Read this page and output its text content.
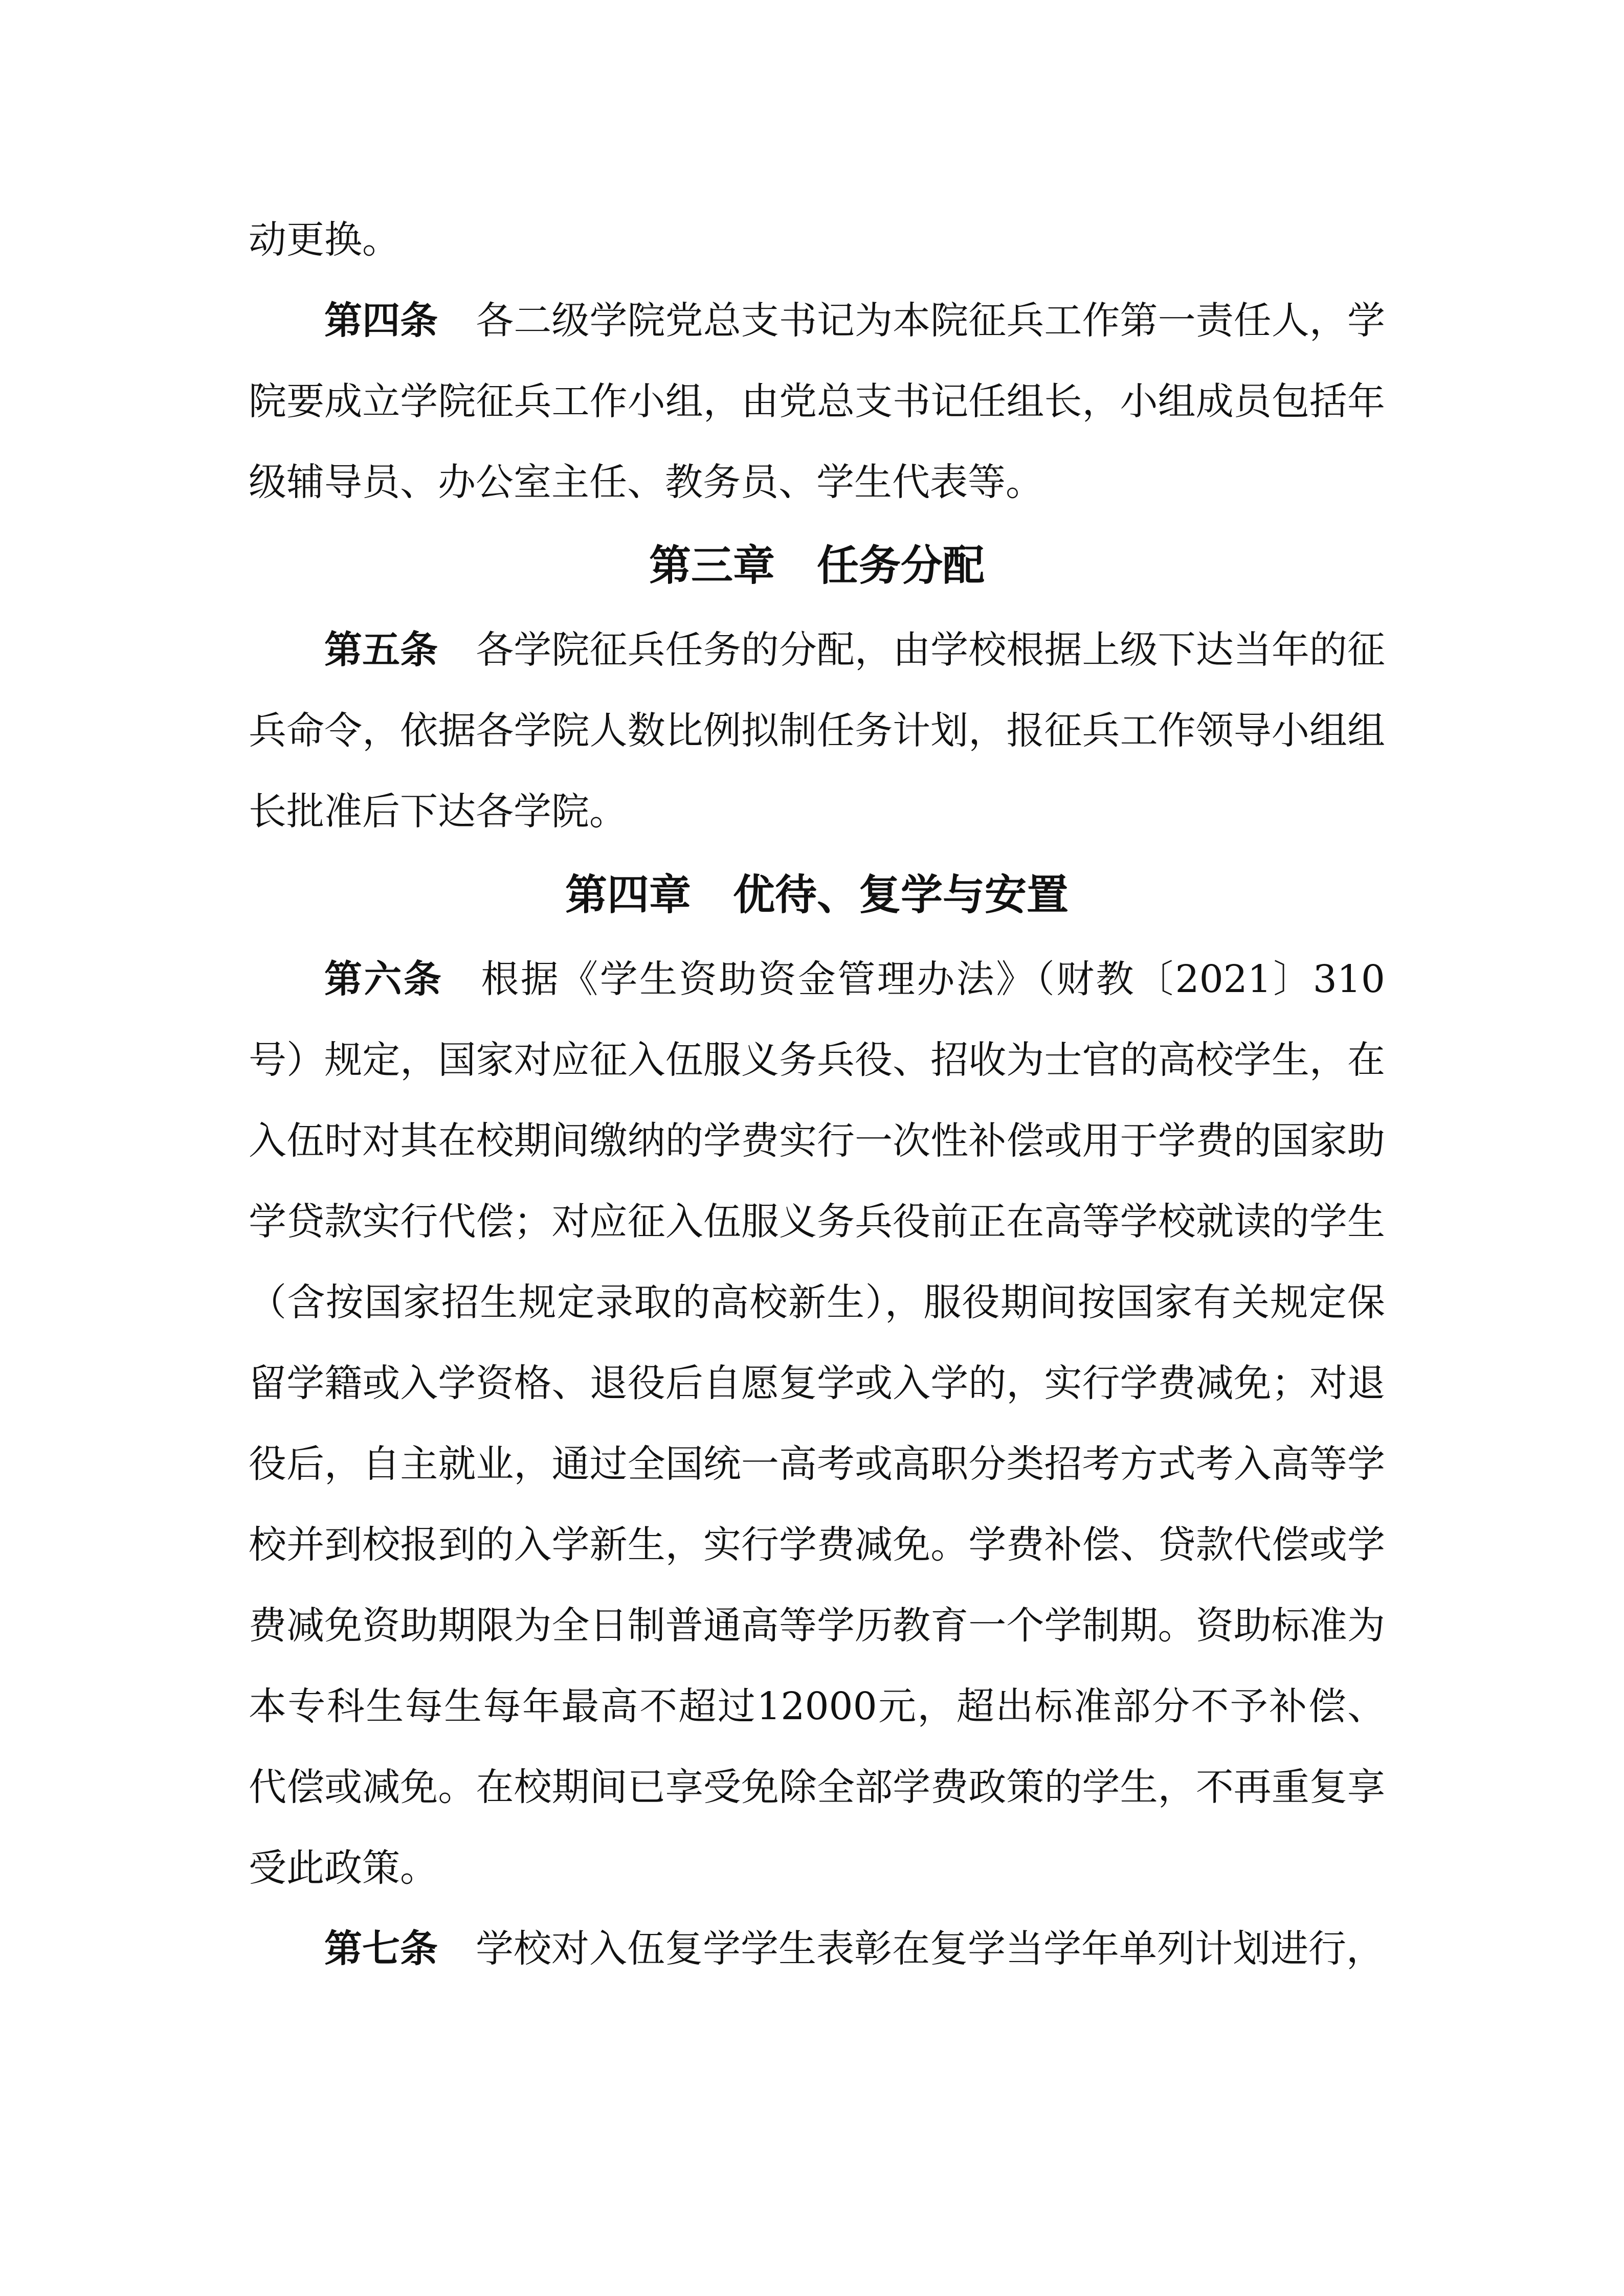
动更换。

第四条 各二级学院党总支书记为本院征兵工作第一责任人，学院要成立学院征兵工作小组，由党总支书记任组长，小组成员包括年级辅导员、办公室主任、教务员、学生代表等。

第三章 任务分配

第五条 各学院征兵任务的分配，由学校根据上级下达当年的征兵命令，依据各学院人数比例拟制任务计划，报征兵工作领导小组组长批准后下达各学院。

第四章 优待、复学与安置

第六条 根据《学生资助资金管理办法》（财教〔2021〕310号）规定，国家对应征入伍服义务兵役、招收为士官的高校学生，在入伍时对其在校期间缴纳的学费实行一次性补偿或用于学费的国家助学贷款实行代偿；对应征入伍服义务兵役前正在高等学校就读的学生（含按国家招生规定录取的高校新生），服役期间按国家有关规定保留学籍或入学资格、退役后自愿复学或入学的，实行学费减免；对退役后，自主就业，通过全国统一高考或高职分类招考方式考入高等学校并到校报到的入学新生，实行学费减免。学费补偿、贷款代偿或学费减免资助期限为全日制普通高等学历教育一个学制期。资助标准为本专科生每生每年最高不超过12000元，超出标准部分不予补偿、代偿或减免。在校期间已享受免除全部学费政策的学生，不再重复享受此政策。

第七条 学校对入伍复学学生表彰在复学当学年单列计划进行，
